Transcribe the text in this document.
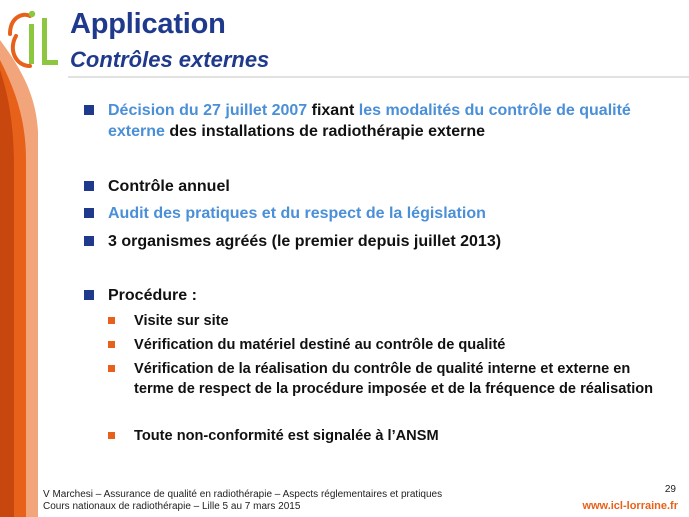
Application
Contrôles externes
Décision du 27 juillet 2007 fixant les modalités du contrôle de qualité externe des installations de radiothérapie externe
Contrôle annuel
Audit des pratiques et du respect de la législation
3 organismes agréés (le premier depuis juillet 2013)
Procédure :
Visite sur site
Vérification du matériel destiné au contrôle de qualité
Vérification de la réalisation du contrôle de qualité interne et externe en terme de respect de la procédure imposée et de la fréquence de réalisation
Toute non-conformité est signalée à l’ANSM
V Marchesi – Assurance de qualité en radiothérapie – Aspects réglementaires et pratiques
Cours nationaux de radiothérapie – Lille 5 au 7 mars 2015
29
www.icl-lorraine.fr
